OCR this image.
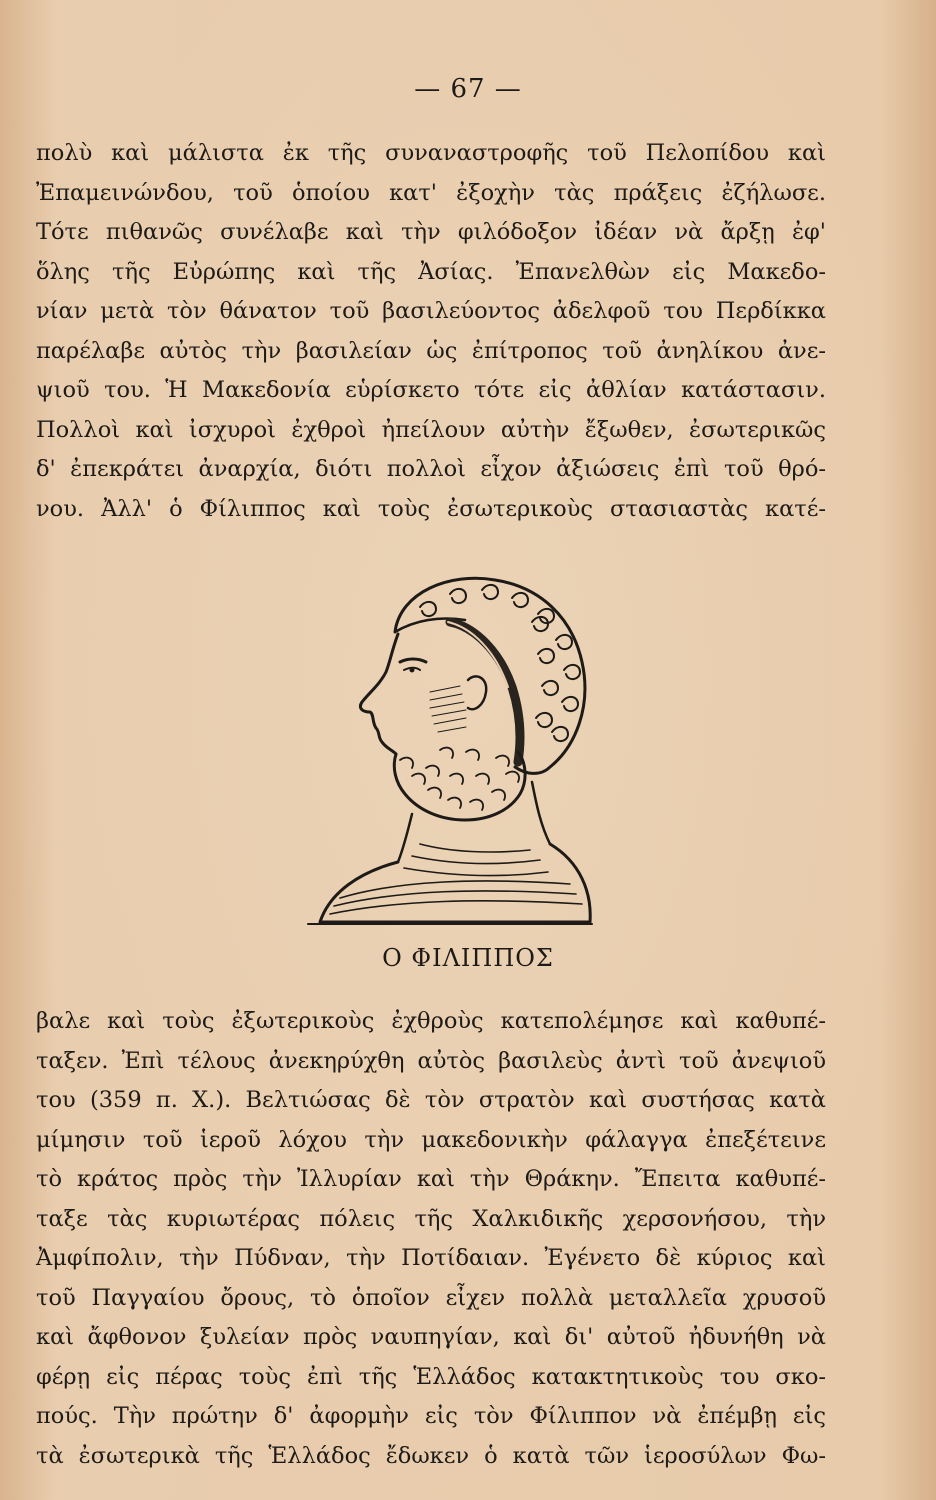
— 67 —
πολὺ καὶ μάλιστα ἐκ τῆς συναναστροφῆς τοῦ Πελοπίδου καὶ
Ἐπαμεινώνδου, τοῦ ὁποίου κατ' ἐξοχὴν τὰς πράξεις ἐζήλωσε.
Τότε πιθανῶς συνέλαβε καὶ τὴν φιλόδοξον ἰδέαν νὰ ἄρξῃ ἐφ'
ὅλης τῆς Εὐρώπης καὶ τῆς Ἀσίας. Ἐπανελθὼν εἰς Μακεδο-
νίαν μετὰ τὸν θάνατον τοῦ βασιλεύοντος ἀδελφοῦ του Περδίκκα
παρέλαβε αὐτὸς τὴν βασιλείαν ὡς ἐπίτροπος τοῦ ἀνηλίκου ἀνε-
ψιοῦ του. Ἡ Μακεδονία εὑρίσκετο τότε εἰς ἀθλίαν κατάστασιν.
Πολλοὶ καὶ ἰσχυροὶ ἐχθροὶ ἠπείλουν αὐτὴν ἔξωθεν, ἐσωτερικῶς
δ' ἐπεκράτει ἀναρχία, διότι πολλοὶ εἶχον ἀξιώσεις ἐπὶ τοῦ θρό-
νου. Ἀλλ' ὁ Φίλιππος καὶ τοὺς ἐσωτερικοὺς στασιαστὰς κατέ-
Ο ΦΙΛΙΠΠΟΣ
βαλε καὶ τοὺς ἐξωτερικοὺς ἐχθροὺς κατεπολέμησε καὶ καθυπέ-
ταξεν. Ἐπὶ τέλους ἀνεκηρύχθη αὐτὸς βασιλεὺς ἀντὶ τοῦ ἀνεψιοῦ
του (359 π. Χ.). Βελτιώσας δὲ τὸν στρατὸν καὶ συστήσας κατὰ
μίμησιν τοῦ ἱεροῦ λόχου τὴν μακεδονικὴν φάλαγγα ἐπεξέτεινε
τὸ κράτος πρὸς τὴν Ἰλλυρίαν καὶ τὴν Θράκην. Ἔπειτα καθυπέ-
ταξε τὰς κυριωτέρας πόλεις τῆς Χαλκιδικῆς χερσονήσου, τὴν
Ἀμφίπολιν, τὴν Πύδναν, τὴν Ποτίδαιαν. Ἐγένετο δὲ κύριος καὶ
τοῦ Παγγαίου ὄρους, τὸ ὁποῖον εἶχεν πολλὰ μεταλλεῖα χρυσοῦ
καὶ ἄφθονον ξυλείαν πρὸς ναυπηγίαν, καὶ δι' αὐτοῦ ἠδυνήθη νὰ
φέρῃ εἰς πέρας τοὺς ἐπὶ τῆς Ἑλλάδος κατακτητικοὺς του σκο-
πούς. Τὴν πρώτην δ' ἀφορμὴν εἰς τὸν Φίλιππον νὰ ἐπέμβῃ εἰς
τὰ ἐσωτερικὰ τῆς Ἑλλάδος ἔδωκεν ὁ κατὰ τῶν ἱεροσύλων Φω-
